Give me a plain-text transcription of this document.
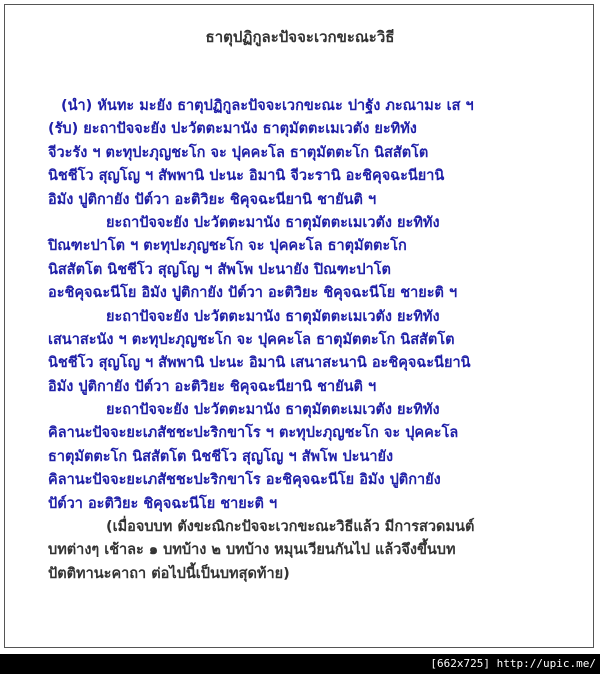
ธาตุปฏิกูละปัจจะเวกขะณะวิธี
(นำ) หันทะ มะยัง ธาตุปฏิกูละปัจจะเวกขะณะ ปาฐัง ภะณามะ เส ฯ
(รับ) ยะถาปัจจะยัง ปะวัตตะมานัง ธาตุมัตตะเมเวตัง ยะทิทัง
จีวะรัง ฯ ตะทุปะภุญชะโก จะ ปุคคะโล ธาตุมัตตะโก นิสสัตโต
นิชชีโว สุญโญ ฯ สัพพานิ ปะนะ อิมานิ จีวะรานิ อะชิคุจฉะนียานิ
อิมัง ปูติกายัง ปัต์วา อะติวิยะ ชิคุจฉะนียานิ ชายันติ ฯ
ยะถาปัจจะยัง ปะวัตตะมานัง ธาตุมัตตะเมเวตัง ยะทิทัง
ปิณฑะปาโต ฯ ตะทุปะภุญชะโก จะ ปุคคะโล ธาตุมัตตะโก
นิสสัตโต นิชชีโว สุญโญ ฯ สัพโพ ปะนายัง ปิณฑะปาโต
อะชิคุจฉะนีโย อิมัง ปูติกายัง ปัต์วา อะติวิยะ ชิคุจฉะนีโย ชายะติ ฯ
ยะถาปัจจะยัง ปะวัตตะมานัง ธาตุมัตตะเมเวตัง ยะทิทัง
เสนาสะนัง ฯ ตะทุปะภุญชะโก จะ ปุคคะโล ธาตุมัตตะโก นิสสัตโต
นิชชีโว สุญโญ ฯ สัพพานิ ปะนะ อิมานิ เสนาสะนานิ อะชิคุจฉะนียานิ
อิมัง ปูติกายัง ปัต์วา อะติวิยะ ชิคุจฉะนียานิ ชายันติ ฯ
ยะถาปัจจะยัง ปะวัตตะมานัง ธาตุมัตตะเมเวตัง ยะทิทัง
คิลานะปัจจะยะเภสัชชะปะริกขาโร ฯ ตะทุปะภุญชะโก จะ ปุคคะโล
ธาตุมัตตะโก นิสสัตโต นิชชีโว สุญโญ ฯ สัพโพ ปะนายัง
คิลานะปัจจะยะเภสัชชะปะริกขาโร อะชิคุจฉะนีโย อิมัง ปูติกายัง
ปัต์วา อะติวิยะ ชิคุจฉะนีโย ชายะติ ฯ
(เมื่อจบบท ตังขะณิกะปัจจะเวกขะณะวิธีแล้ว มีการสวดมนต์
บทต่างๆ เช้าละ ๑ บทบ้าง ๒ บทบ้าง หมุนเวียนกันไป แล้วจึงขึ้นบท
ปัตติทานะคาถา ต่อไปนี้เป็นบทสุดท้าย)
[662x725] http://upic.me/
